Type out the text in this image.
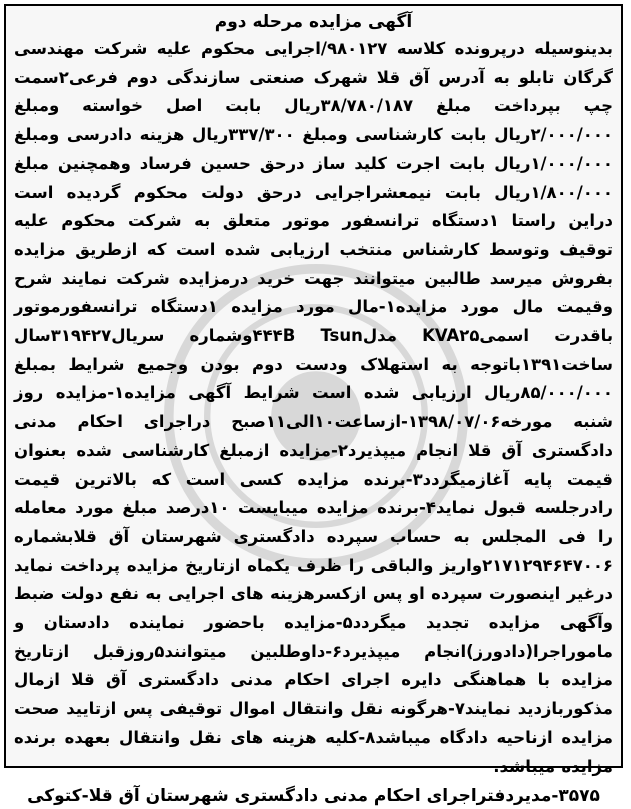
آگهی مزایده مرحله دوم

بدینوسیله درپرونده کلاسه ۹۸۰۱۲۷/اجرایی محکوم علیه شرکت مهندسی گرگان تابلو به آدرس آق قلا شهرک صنعتی سازندگی دوم فرعی۲سمت چپ بپرداخت مبلغ ۳۸/۷۸۰/۱۸۷ریال بابت اصل خواسته ومبلغ ۲/۰۰۰/۰۰۰ریال بابت کارشناسی ومبلغ ۳۳۷/۳۰۰ریال هزینه دادرسی ومبلغ ۱/۰۰۰/۰۰۰ریال بابت اجرت کلید ساز درحق حسین فرساد وهمچنین مبلغ ۱/۸۰۰/۰۰۰ریال بابت نیمعشراجرایی درحق دولت محکوم گردیده است دراین راستا ۱دستگاه ترانسفور موتور متعلق به شرکت محکوم علیه توقیف وتوسط کارشناس منتخب ارزیابی شده است که ازطریق مزایده بفروش میرسد طالبین میتوانند جهت خرید درمزایده شرکت نمایند شرح وقیمت مال مورد مزایده۱-مال مورد مزایده ۱دستگاه ترانسفورموتور باقدرت اسمیKVA۲۵ مدل۴۴۴B Tsunوشماره سریال۳۱۹۴۲۷سال ساخت۱۳۹۱باتوجه به استهلاک ودست دوم بودن وجمیع شرایط بمبلغ ۸۵/۰۰۰/۰۰۰ریال ارزیابی شده است شرایط آگهی مزایده۱-مزایده روز شنبه مورخه۱۳۹۸/۰۷/۰۶-ازساعت۱۰الی۱۱صبح دراجرای احکام مدنی دادگستری آق قلا انجام میپذیرد۲-مزایده ازمبلغ کارشناسی شده بعنوان قیمت پایه آغازمیگردد۳-برنده مزایده کسی است که بالاترین قیمت رادرجلسه قبول نماید۴-برنده مزایده میبایست ۱۰درصد مبلغ مورد معامله را فی المجلس به حساب سپرده دادگستری شهرستان آق قلابشماره ۲۱۷۱۲۹۴۶۴۷۰۰۶واریز والباقی را ظرف یکماه ازتاریخ مزایده پرداخت نماید درغیر اینصورت سپرده او پس ازکسرهزینه های اجرایی به نفع دولت ضبط وآگهی مزایده تجدید میگردد۵-مزایده باحضور نماینده دادستان و ماموراجرا(دادورز)انجام میپذیرد۶-داوطلبین میتوانند۵روزقبل ازتاریخ مزایده با هماهنگی دایره اجرای احکام مدنی دادگستری آق قلا ازمال مذکوربازدید نمایند۷-هرگونه نقل وانتقال اموال توقیفی پس ازتایید صحت مزایده ازناحیه دادگاه میباشد۸-کلیه هزینه های نقل وانتقال بعهده برنده مزایده میباشد.

۳۵۷۵-مدیردفتراجرای احکام مدنی دادگستری شهرستان آق قلا-کتوکی
